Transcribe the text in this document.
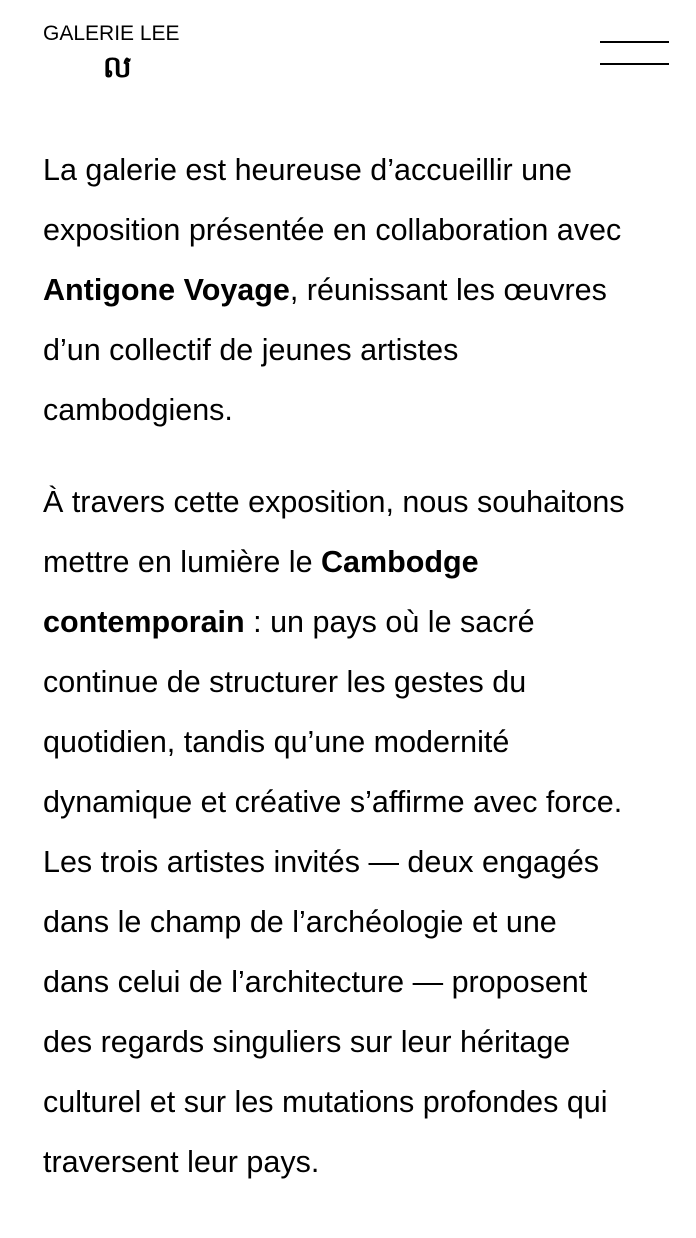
GALERIE LEE
ល

La galerie est heureuse d’accueillir une
exposition présentée en collaboration avec
Antigone Voyage, réunissant les œuvres
d’un collectif de jeunes artistes
cambodgiens.

À travers cette exposition, nous souhaitons
mettre en lumière le Cambodge
contemporain : un pays où le sacré
continue de structurer les gestes du
quotidien, tandis qu’une modernité
dynamique et créative s’affirme avec force.
Les trois artistes invités — deux engagés
dans le champ de l’archéologie et une
dans celui de l’architecture — proposent
des regards singuliers sur leur héritage
culturel et sur les mutations profondes qui
traversent leur pays.
